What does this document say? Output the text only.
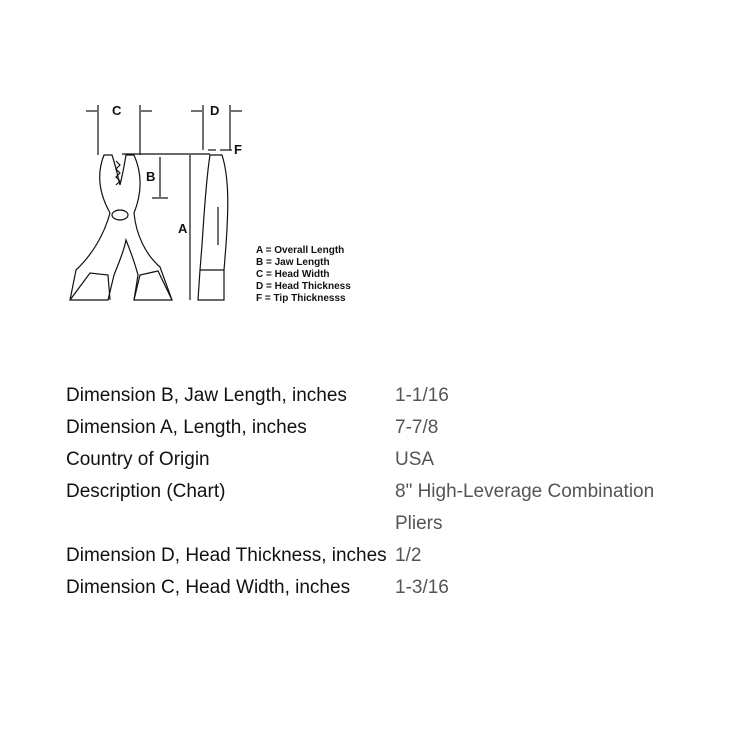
C	D
F
B
A
A = Overall Length
B = Jaw Length
C = Head Width
D = Head Thickness
F = Tip Thicknesss
Dimension B, Jaw Length, inches	1-1/16
Dimension A, Length, inches	7-7/8
Country of Origin	USA
Description (Chart)	8" High-Leverage Combination Pliers
Dimension D, Head Thickness, inches	1/2
Dimension C, Head Width, inches	1-3/16
